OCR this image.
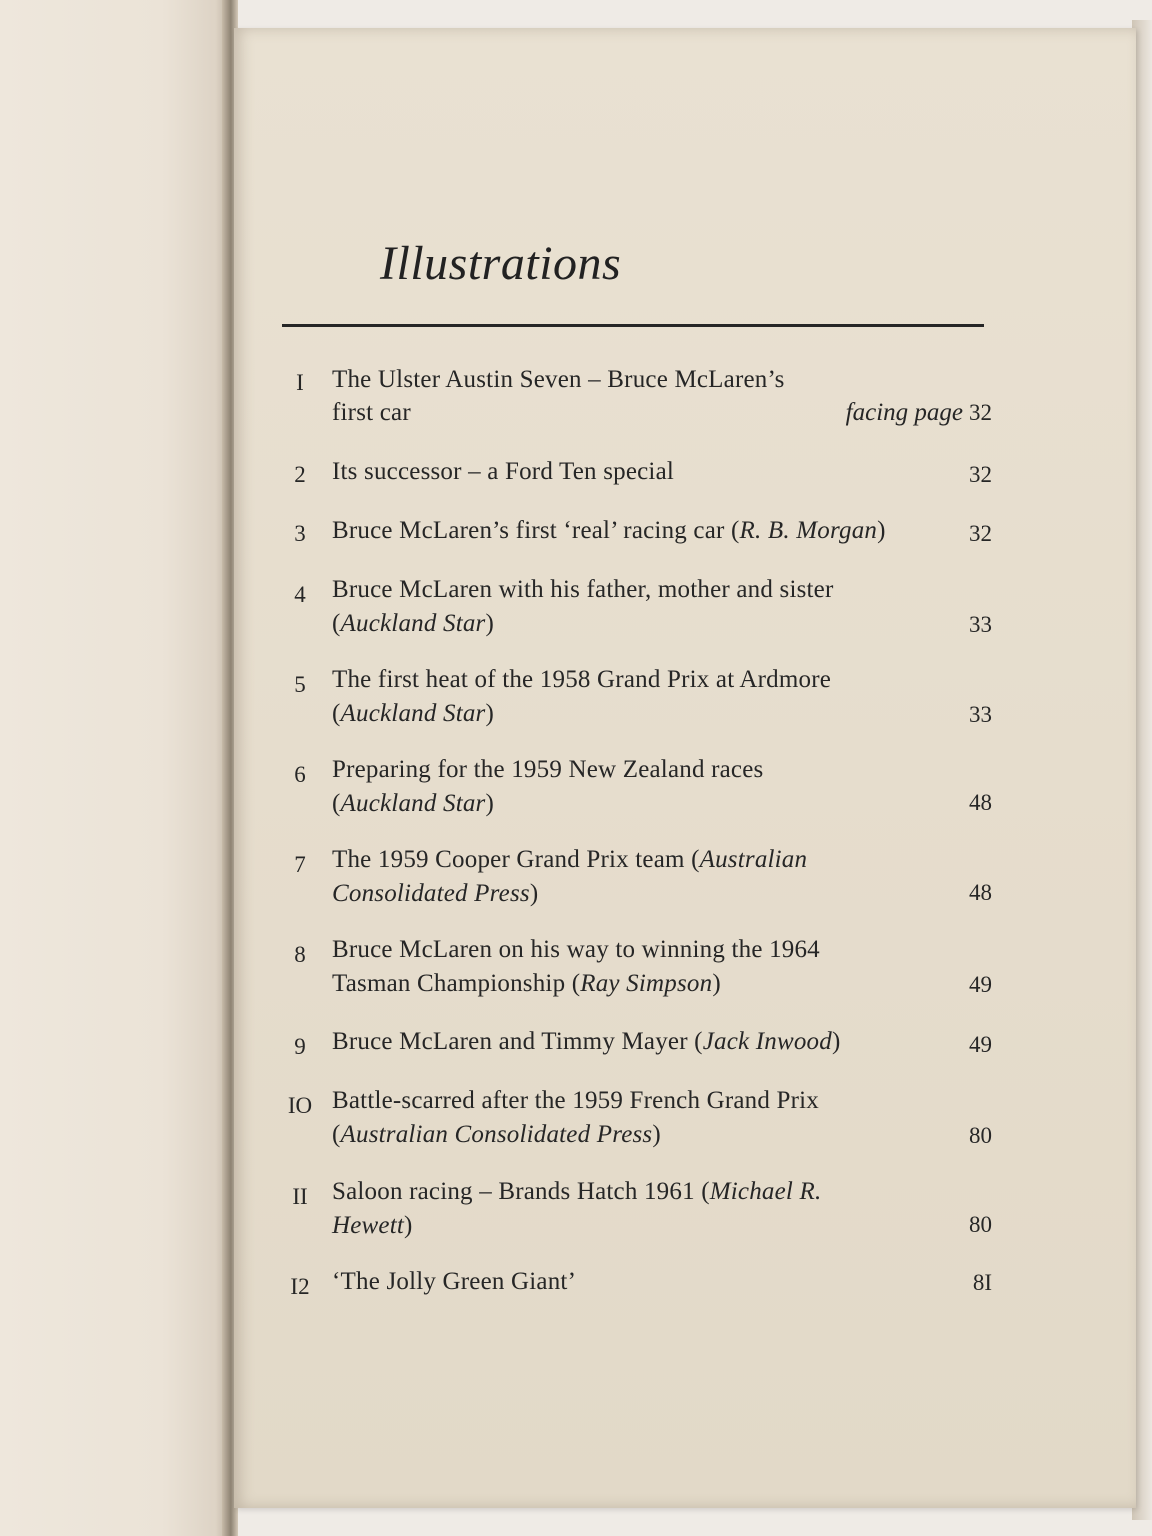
Illustrations
I	The Ulster Austin Seven – Bruce McLaren’s
first car	facing page 32
2	Its successor – a Ford Ten special	32
3	Bruce McLaren’s first ‘real’ racing car (R. B. Morgan)	32
4	Bruce McLaren with his father, mother and sister
(Auckland Star)	33
5	The first heat of the 1958 Grand Prix at Ardmore
(Auckland Star)	33
6	Preparing for the 1959 New Zealand races
(Auckland Star)	48
7	The 1959 Cooper Grand Prix team (Australian
Consolidated Press)	48
8	Bruce McLaren on his way to winning the 1964
Tasman Championship (Ray Simpson)	49
9	Bruce McLaren and Timmy Mayer (Jack Inwood)	49
IO Battle-scarred after the 1959 French Grand Prix
(Australian Consolidated Press)	80
II Saloon racing – Brands Hatch 1961 (Michael R.
Hewett)	80
I2 ‘The Jolly Green Giant’	8I
